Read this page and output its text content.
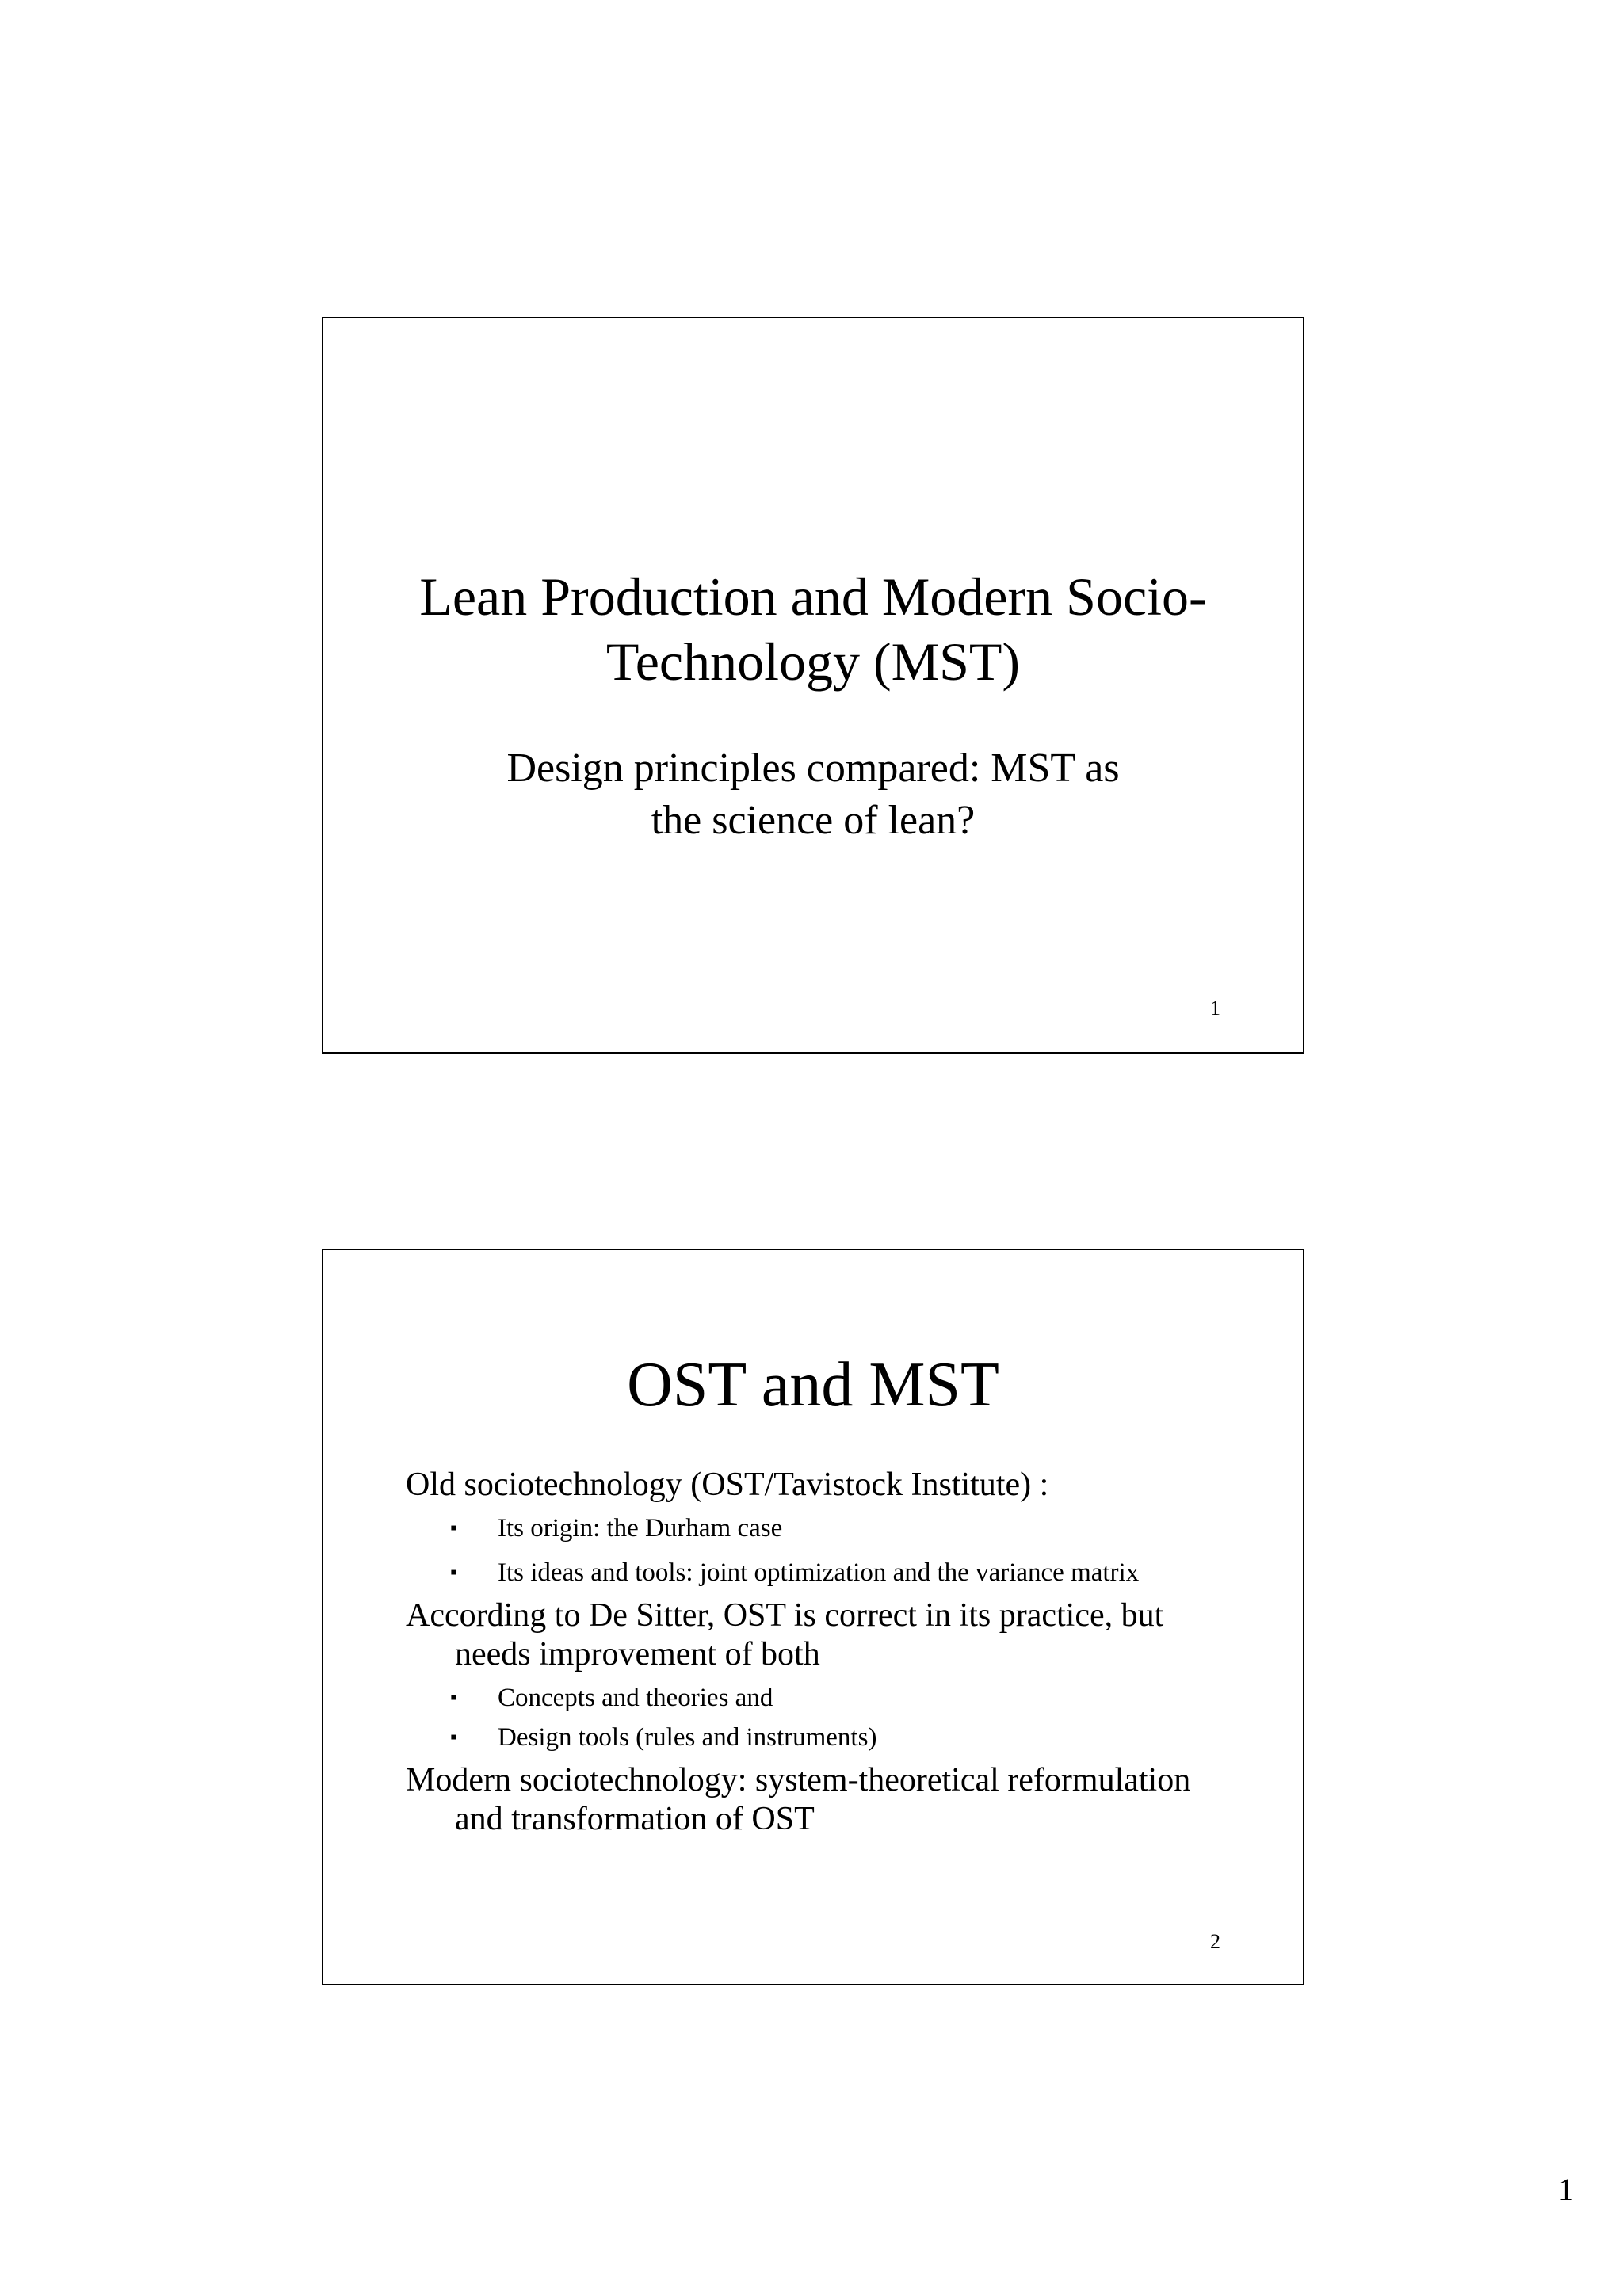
Lean Production and Modern Socio-
Technology (MST)
Design principles compared: MST as
the science of lean?
1
OST and MST

Old sociotechnology (OST/Tavistock Institute) :

▪ Its origin: the Durham case

▪ Its ideas and tools: joint optimization and the variance matrix

According to De Sitter, OST is correct in its practice, but
needs improvement of both

▪ Concepts and theories and

▪ Design tools (rules and instruments)

Modern sociotechnology: system-theoretical reformulation
and transformation of OST

2
1
